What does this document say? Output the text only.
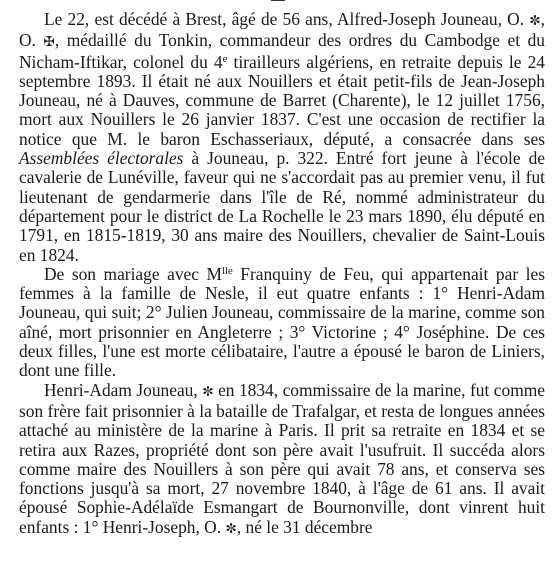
Le 22, est décédé à Brest, âgé de 56 ans, Alfred-Joseph Jouneau, O. ✼, O. ✠, médaillé du Tonkin, commandeur des ordres du Cambodge et du Nicham-Iftikar, colonel du 4e tirailleurs algériens, en retraite depuis le 24 septembre 1893. Il était né aux Nouillers et était petit-fils de Jean-Joseph Jouneau, né à Dauves, commune de Barret (Charente), le 12 juillet 1756, mort aux Nouillers le 26 janvier 1837. C'est une occasion de rectifier la notice que M. le baron Eschasseriaux, député, a consacrée dans ses Assemblées électorales à Jouneau, p. 322. Entré fort jeune à l'école de cavalerie de Lunéville, faveur qui ne s'accordait pas au premier venu, il fut lieutenant de gendarmerie dans l'île de Ré, nommé administrateur du département pour le district de La Rochelle le 23 mars 1890, élu député en 1791, en 1815-1819, 30 ans maire des Nouillers, chevalier de Saint-Louis en 1824.

De son mariage avec $M^{lle}$ Franquiny de Feu, qui appartenait par les femmes à la famille de Nesle, il eut quatre enfants : 1° Henri-Adam Jouneau, qui suit; 2° Julien Jouneau, commissaire de la marine, comme son aîné, mort prisonnier en Angleterre ; 3° Victorine ; 4° Joséphine. De ces deux filles, l'une est morte célibataire, l'autre a épousé le baron de Liniers, dont une fille.

Henri-Adam Jouneau, ✼ en 1834, commissaire de la marine, fut comme son frère fait prisonnier à la bataille de Trafalgar, et resta de longues années attaché au ministère de la marine à Paris. Il prit sa retraite en 1834 et se retira aux Razes, propriété dont son père avait l'usufruit. Il succéda alors comme maire des Nouillers à son père qui avait 78 ans, et conserva ses fonctions jusqu'à sa mort, 27 novembre 1840, à l'âge de 61 ans. Il avait épousé Sophie-Adélaïde Esmangart de Bournonville, dont vinrent huit enfants : 1° Henri-Joseph, O. ✼, né le 31 décembre
